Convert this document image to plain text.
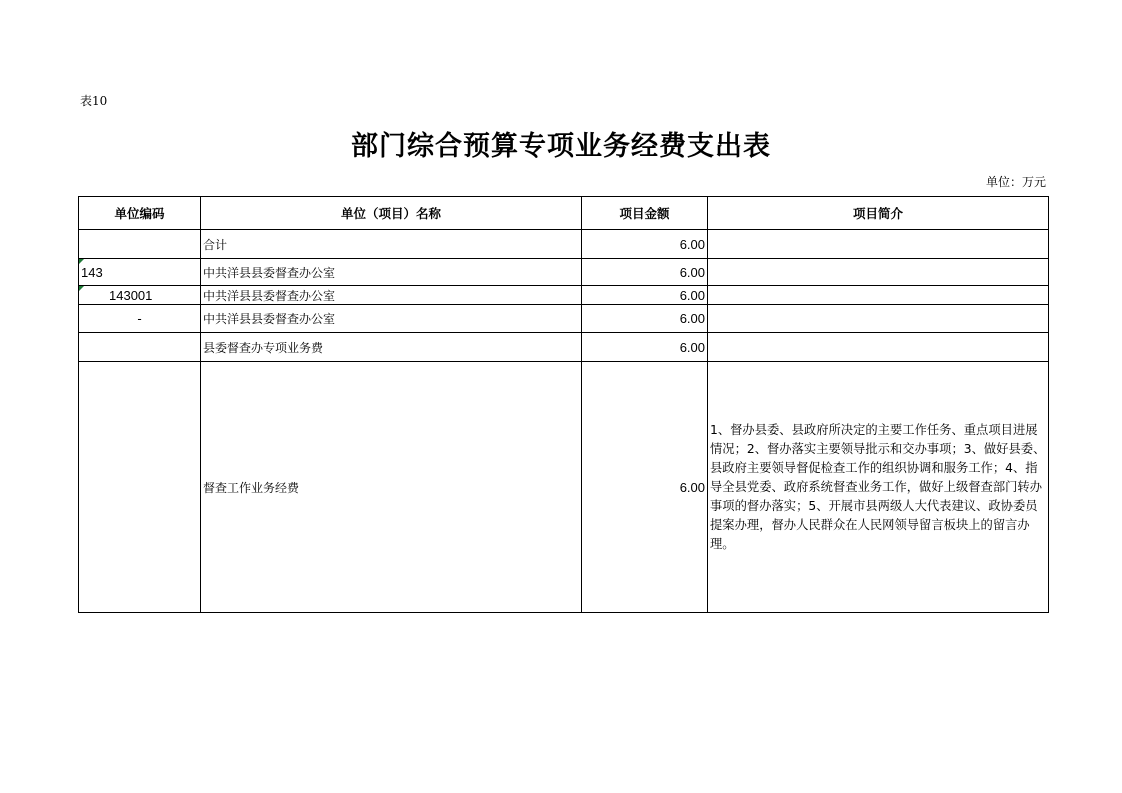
表10
部门综合预算专项业务经费支出表
单位：万元
单位编码	单位（项目）名称	项目金额	项目简介
	合计	6.00	

143	中共洋县县委督查办公室	6.00	

143001	中共洋县县委督查办公室	6.00	
-	中共洋县县委督查办公室	6.00	
	县委督查办专项业务费	6.00	
	督查工作业务经费	6.00	1、督办县委、县政府所决定的主要工作任务、重点项目进展情况；2、督办落实主要领导批示和交办事项；3、做好县委、县政府主要领导督促检查工作的组织协调和服务工作；4、指导全县党委、政府系统督查业务工作，做好上级督查部门转办事项的督办落实；5、开展市县两级人大代表建议、政协委员提案办理，督办人民群众在人民网领导留言板块上的留言办理。
